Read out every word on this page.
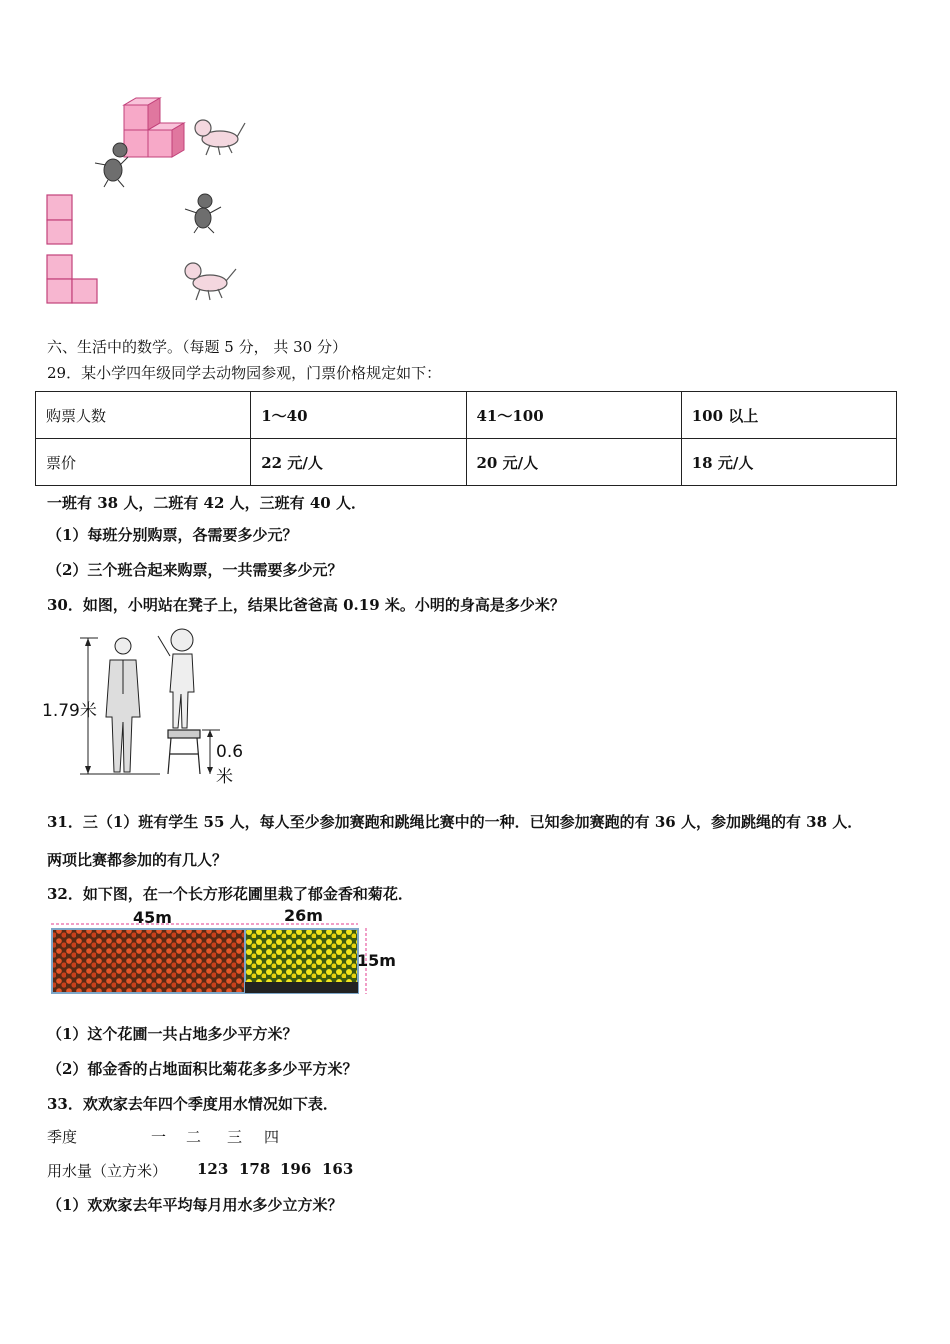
六、生活中的数学。（每题 5 分， 共 30 分）
29．某小学四年级同学去动物园参观，门票价格规定如下：
购票人数	1～40	41～100	100 以上
票价	22 元/人	20 元/人	18 元/人
一班有 38 人，二班有 42 人，三班有 40 人．
（1）每班分别购票，各需要多少元？
（2）三个班合起来购票，一共需要多少元？
30．如图，小明站在凳子上，结果比爸爸高 0.19 米。小明的身高是多少米？
1.79米
0.6米
31．三（1）班有学生 55 人，每人至少参加赛跑和跳绳比赛中的一种．已知参加赛跑的有 36 人，参加跳绳的有 38 人．
两项比赛都参加的有几人？
32．如下图，在一个长方形花圃里栽了郁金香和菊花．
45m	26m
15m
（1）这个花圃一共占地多少平方米？
（2）郁金香的占地面积比菊花多多少平方米？
33．欢欢家去年四个季度用水情况如下表．
季度	一 二 三 四
用水量（立方米） 123 178 196 163
（1）欢欢家去年平均每月用水多少立方米？
